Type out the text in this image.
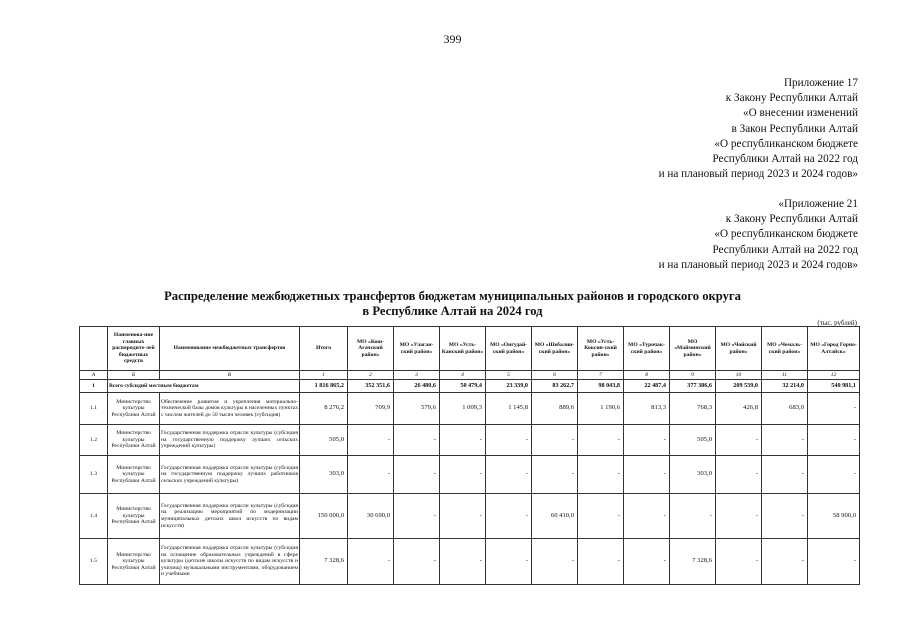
399
Приложение 17
к Закону Республики Алтай
«О внесении изменений
в Закон Республики Алтай
«О республиканском бюджете
Республики Алтай на 2022 год
и на плановый период 2023 и 2024 годов»
«Приложение 21
к Закону Республики Алтай
«О республиканском бюджете
Республики Алтай на 2022 год
и на плановый период 2023 и 2024 годов»
Распределение межбюджетных трансфертов бюджетам муниципальных районов и городского округа
в Республике Алтай на 2024 год
(тыс. рублей)
	Наименова-ние главных распорядите-лей бюджетных средств	Наименование межбюджетных трансфертов	Итого	МО «Кош-Агачский район»	МО «Улаган-ский район»	МО «Усть-Канский район»	МО «Онгудай-ский район»	МО «Шебалин-ский район»	МО «Усть-Коксин-ский район»	МО «Турочак-ский район»	МО «Майминский район»	МО «Чойский район»	МО «Чемаль-ский район»	МО «Город Горно-Алтайск»
А	Б	В	1	2	3	4	5	6	7	8	9	10	11	12
1	Всего субсидий местным бюджетам		1 816 865,2	352 351,6	26 480,6	50 479,4	23 339,0	83 262,7	98 043,8	22 487,4	377 386,6	209 539,0	32 214,0	540 981,1
1.1	Министерство культуры Республики Алтай	Обеспечение развития и укрепления материально-технической базы домов культуры в населенных пунктах с числом жителей до 50 тысяч человек (субсидия)	8 276,2	709,9	579,6	1 009,3	1 145,8	889,6	1 190,6	813,3	768,3	426,8	683,0	-
1.2	Министерство культуры Республики Алтай	Государственная поддержка отрасли культуры (субсидия на государственную поддержку лучших сельских учреждений культуры)	505,0	-	-	-	-	-	-	-	505,0	-	-	-
1.3	Министерство культуры Республики Алтай	Государственная поддержка отрасли культуры (субсидия на государственную поддержку лучших работников сельских учреждений культуры)	303,0	-	-	-	-	-	-	-	303,0	-	-	-
1.4	Министерство культуры Республики Алтай	Государственная поддержка отрасли культуры (субсидия на реализацию мероприятий по модернизации муниципальных детских школ искусств по видам искусств)	150 000,0	30 690,0	-	-	-	60 410,0	-	-	-	-	-	58 900,0
1.5	Министерство культуры Республики Алтай	Государственная поддержка отрасли культуры (субсидия на оснащение образовательных учреждений в сфере культуры (детские школы искусств по видам искусств и училищ) музыкальными инструментами, оборудованием и учебными	7 328,6	-	-	-	-	-	-	-	7 328,6	-	-	-
